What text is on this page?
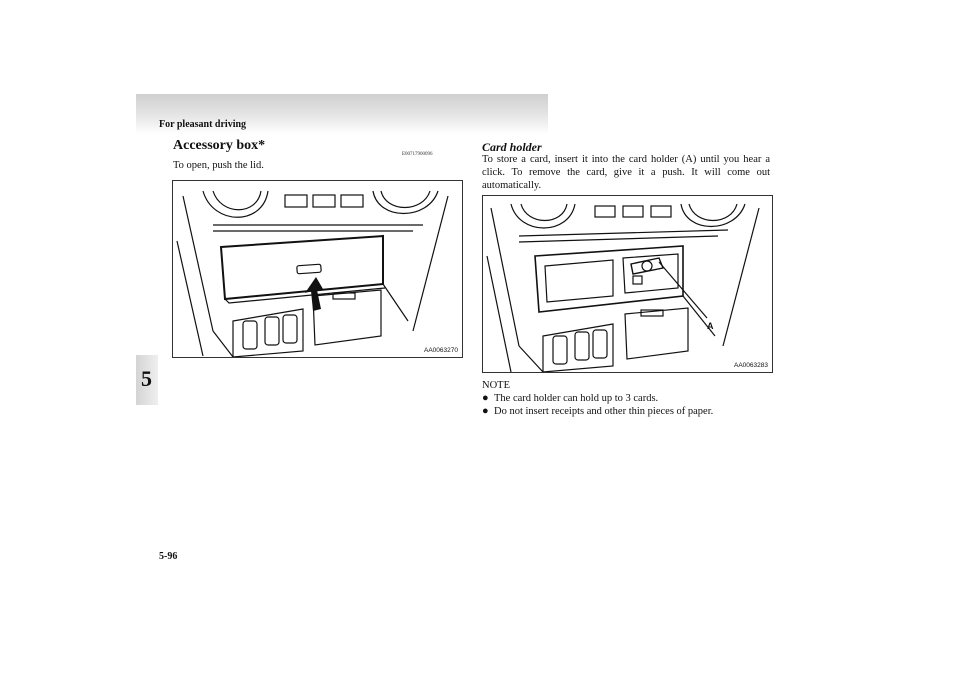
For pleasant driving
5
Accessory box*
E00717900096
To open, push the lid.
AA0063270
Card holder
To store a card, insert it into the card holder (A) until you hear a click. To remove the card, give it a push. It will come out automatically.
A
AA0063283
NOTE
● The card holder can hold up to 3 cards.
● Do not insert receipts and other thin pieces of paper.
5-96
